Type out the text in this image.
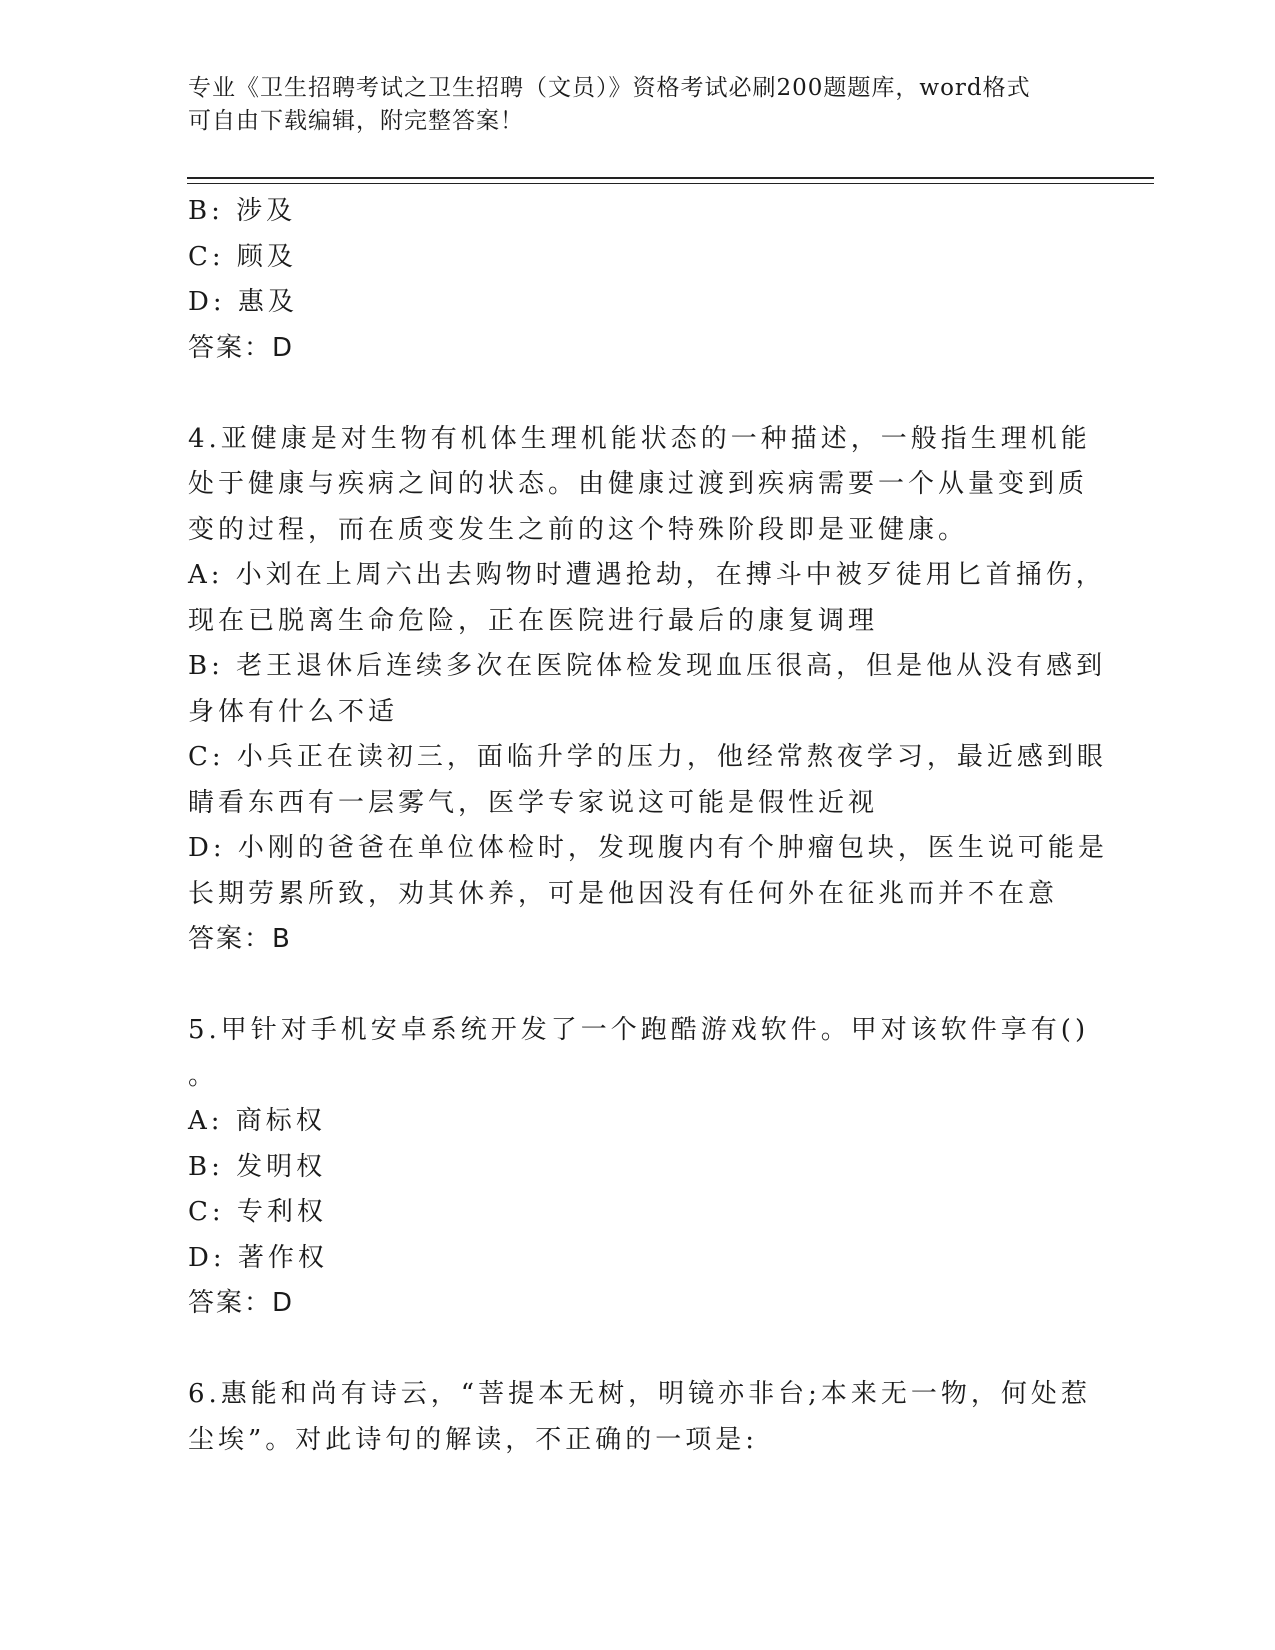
专业《卫生招聘考试之卫生招聘（文员）》资格考试必刷200题题库，word格式
可自由下载编辑，附完整答案！
B: 涉及
C: 顾及
D: 惠及
答案：D
4.亚健康是对生物有机体生理机能状态的一种描述，一般指生理机能
处于健康与疾病之间的状态。由健康过渡到疾病需要一个从量变到质
变的过程，而在质变发生之前的这个特殊阶段即是亚健康。
A: 小刘在上周六出去购物时遭遇抢劫，在搏斗中被歹徒用匕首捅伤，
现在已脱离生命危险，正在医院进行最后的康复调理
B: 老王退休后连续多次在医院体检发现血压很高，但是他从没有感到
身体有什么不适
C: 小兵正在读初三，面临升学的压力，他经常熬夜学习，最近感到眼
睛看东西有一层雾气，医学专家说这可能是假性近视
D: 小刚的爸爸在单位体检时，发现腹内有个肿瘤包块，医生说可能是
长期劳累所致，劝其休养，可是他因没有任何外在征兆而并不在意
答案：B
5.甲针对手机安卓系统开发了一个跑酷游戏软件。甲对该软件享有()
。
A: 商标权
B: 发明权
C: 专利权
D: 著作权
答案：D
6.惠能和尚有诗云，“菩提本无树，明镜亦非台;本来无一物，何处惹
尘埃”。对此诗句的解读，不正确的一项是:
